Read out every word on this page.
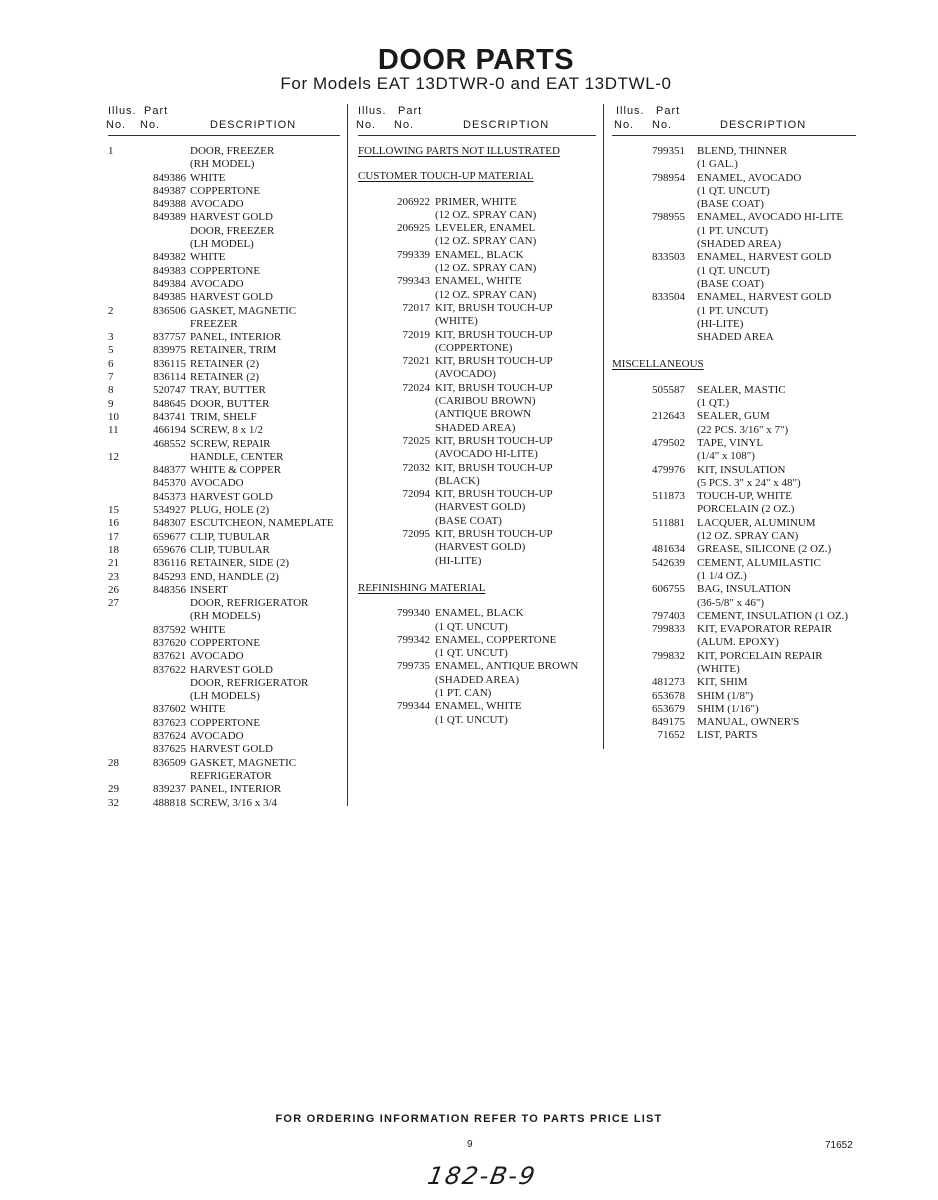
DOOR PARTS
For Models EAT 13DTWR-0 and EAT 13DTWL-0
Illus.
No.
Part
No.	DESCRIPTION
1	DOOR, FREEZER
(RH MODEL)
849386 WHITE
849387 COPPERTONE
849388 AVOCADO
849389 HARVEST GOLD
DOOR, FREEZER
(LH MODEL)
849382 WHITE
849383 COPPERTONE
849384 AVOCADO
849385 HARVEST GOLD
2	836506 GASKET, MAGNETIC
FREEZER
3	837757 PANEL, INTERIOR
5	839975 RETAINER, TRIM
6	836115 RETAINER (2)
7	836114 RETAINER (2)
8	520747 TRAY, BUTTER
9	848645 DOOR, BUTTER
10	843741 TRIM, SHELF
11	466194 SCREW, 8 x 1/2
468552 SCREW, REPAIR
12	HANDLE, CENTER
848377 WHITE & COPPER
845370 AVOCADO
845373 HARVEST GOLD
15	534927 PLUG, HOLE (2)
16	848307 ESCUTCHEON, NAMEPLATE
17	659677 CLIP, TUBULAR
18	659676 CLIP, TUBULAR
21	836116 RETAINER, SIDE (2)
23	845293 END, HANDLE (2)
26	848356 INSERT
27	DOOR, REFRIGERATOR
(RH MODELS)
837592 WHITE
837620 COPPERTONE
837621 AVOCADO
837622 HARVEST GOLD
DOOR, REFRIGERATOR
(LH MODELS)
837602 WHITE
837623 COPPERTONE
837624 AVOCADO
837625 HARVEST GOLD
28	836509 GASKET, MAGNETIC
REFRIGERATOR
29	839237 PANEL, INTERIOR
32	488818 SCREW, 3/16 x 3/4
Illus.
No.
Part
No.	DESCRIPTION
FOLLOWING PARTS NOT ILLUSTRATED
CUSTOMER TOUCH-UP MATERIAL
206922 PRIMER, WHITE
(12 OZ. SPRAY CAN)
206925 LEVELER, ENAMEL
(12 OZ. SPRAY CAN)
799339 ENAMEL, BLACK
(12 OZ. SPRAY CAN)
799343 ENAMEL, WHITE
(12 OZ. SPRAY CAN)
72017 KIT, BRUSH TOUCH-UP
(WHITE)
72019 KIT, BRUSH TOUCH-UP
(COPPERTONE)
72021 KIT, BRUSH TOUCH-UP
(AVOCADO)
72024 KIT, BRUSH TOUCH-UP
(CARIBOU BROWN)
(ANTIQUE BROWN
SHADED AREA)
72025 KIT, BRUSH TOUCH-UP
(AVOCADO HI-LITE)
72032 KIT, BRUSH TOUCH-UP
(BLACK)
72094 KIT, BRUSH TOUCH-UP
(HARVEST GOLD)
(BASE COAT)
72095 KIT, BRUSH TOUCH-UP
(HARVEST GOLD)
(HI-LITE)
REFINISHING MATERIAL
799340 ENAMEL, BLACK
(1 QT. UNCUT)
799342 ENAMEL, COPPERTONE
(1 QT. UNCUT)
799735 ENAMEL, ANTIQUE BROWN
(SHADED AREA)
(1 PT. CAN)
799344 ENAMEL, WHITE
(1 QT. UNCUT)
Illus.
No.
Part
No.	DESCRIPTION
799351 BLEND, THINNER
(1 GAL.)
798954 ENAMEL, AVOCADO
(1 QT. UNCUT)
(BASE COAT)
798955 ENAMEL, AVOCADO HI-LITE
(1 PT. UNCUT)
(SHADED AREA)
833503 ENAMEL, HARVEST GOLD
(1 QT. UNCUT)
(BASE COAT)
833504 ENAMEL, HARVEST GOLD
(1 PT. UNCUT)
(HI-LITE)
SHADED AREA
MISCELLANEOUS
505587 SEALER, MASTIC
(1 QT.)
212643 SEALER, GUM
(22 PCS. 3/16" x 7")
479502 TAPE, VINYL
(1/4" x 108")
479976 KIT, INSULATION
(5 PCS. 3" x 24" x 48")
511873 TOUCH-UP, WHITE
PORCELAIN (2 OZ.)
511881 LACQUER, ALUMINUM
(12 OZ. SPRAY CAN)
481634 GREASE, SILICONE (2 OZ.)
542639 CEMENT, ALUMILASTIC
(1 1/4 OZ.)
606755 BAG, INSULATION
(36-5/8" x 46")
797403 CEMENT, INSULATION (1 OZ.)
799833 KIT, EVAPORATOR REPAIR
(ALUM. EPOXY)
799832 KIT, PORCELAIN REPAIR
(WHITE)
481273 KIT, SHIM
653678 SHIM (1/8")
653679 SHIM (1/16")
849175 MANUAL, OWNER'S
71652 LIST, PARTS
FOR ORDERING INFORMATION REFER TO PARTS PRICE LIST
9	71652
182-B-9
